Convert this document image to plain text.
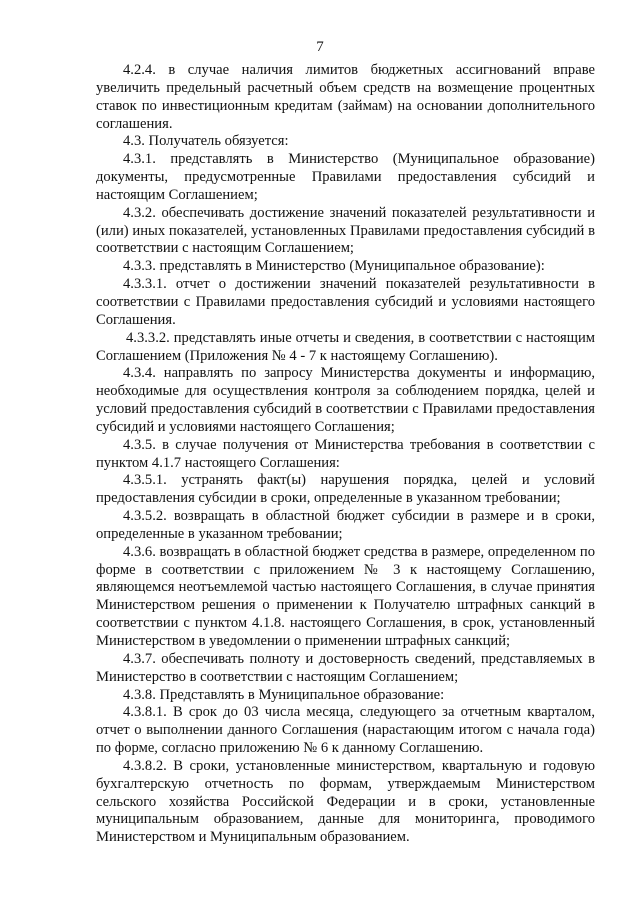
7

4.2.4. в случае наличия лимитов бюджетных ассигнований вправе увеличить предельный расчетный объем средств на возмещение процентных ставок по инвестиционным кредитам (займам) на основании дополнительного соглашения.

4.3. Получатель обязуется:

4.3.1. представлять в Министерство (Муниципальное образование) документы, предусмотренные Правилами предоставления субсидий и настоящим Соглашением;

4.3.2. обеспечивать достижение значений показателей результативности и (или) иных показателей, установленных Правилами предоставления субсидий в соответствии с настоящим Соглашением;

4.3.3. представлять в Министерство (Муниципальное образование):

4.3.3.1. отчет о достижении значений показателей результативности в соответствии с Правилами предоставления субсидий и условиями настоящего Соглашения.

4.3.3.2. представлять иные отчеты и сведения, в соответствии с настоящим Соглашением (Приложения № 4 - 7 к настоящему Соглашению).

4.3.4. направлять по запросу Министерства документы и информацию, необходимые для осуществления контроля за соблюдением порядка, целей и условий предоставления субсидий в соответствии с Правилами предоставления субсидий и условиями настоящего Соглашения;

4.3.5. в случае получения от Министерства требования в соответствии с пунктом 4.1.7 настоящего Соглашения:

4.3.5.1. устранять факт(ы) нарушения порядка, целей и условий предоставления субсидии в сроки, определенные в указанном требовании;

4.3.5.2. возвращать в областной бюджет субсидии в размере и в сроки, определенные в указанном требовании;

4.3.6. возвращать в областной бюджет средства в размере, определенном по форме в соответствии с приложением № 3 к настоящему Соглашению, являющемся неотъемлемой частью настоящего Соглашения, в случае принятия Министерством решения о применении к Получателю штрафных санкций в соответствии с пунктом 4.1.8. настоящего Соглашения, в срок, установленный Министерством в уведомлении о применении штрафных санкций;

4.3.7. обеспечивать полноту и достоверность сведений, представляемых в Министерство в соответствии с настоящим Соглашением;

4.3.8. Представлять в Муниципальное образование:

4.3.8.1. В срок до 03 числа месяца, следующего за отчетным кварталом, отчет о выполнении данного Соглашения (нарастающим итогом с начала года) по форме, согласно приложению № 6 к данному Соглашению.

4.3.8.2. В сроки, установленные министерством, квартальную и годовую бухгалтерскую отчетность по формам, утверждаемым Министерством сельского хозяйства Российской Федерации и в сроки, установленные муниципальным образованием, данные для мониторинга, проводимого Министерством и Муниципальным образованием.
